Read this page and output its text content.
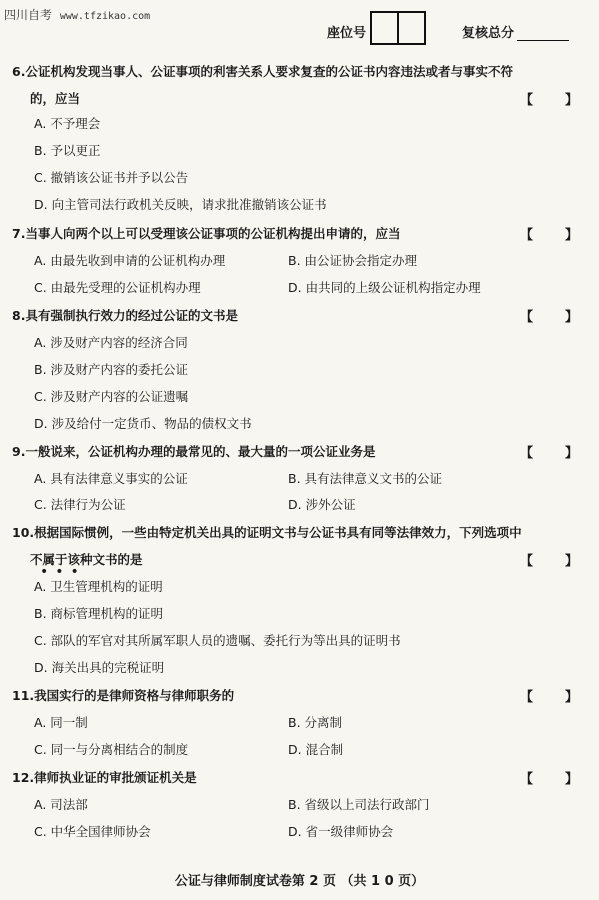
四川自考 www.tfzikao.com
座位号	复核总分
6.公证机构发现当事人、公证事项的利害关系人要求复查的公证书内容违法或者与事实不符
的，应当	【 】
A. 不予理会
B. 予以更正
C. 撤销该公证书并予以公告
D. 向主管司法行政机关反映，请求批准撤销该公证书
7.当事人向两个以上可以受理该公证事项的公证机构提出申请的，应当	【 】
A. 由最先收到申请的公证机构办理	B. 由公证协会指定办理
C. 由最先受理的公证机构办理	D. 由共同的上级公证机构指定办理
8.具有强制执行效力的经过公证的文书是	【 】
A. 涉及财产内容的经济合同
B. 涉及财产内容的委托公证
C. 涉及财产内容的公证遗嘱
D. 涉及给付一定货币、物品的债权文书
9.一般说来，公证机构办理的最常见的、最大量的一项公证业务是	【 】
A. 具有法律意义事实的公证	B. 具有法律意义文书的公证
C. 法律行为公证	D. 涉外公证
10.根据国际惯例，一些由特定机关出具的证明文书与公证书具有同等法律效力，下列选项中
不属于该种文书的是
•••
【 】
A. 卫生管理机构的证明
B. 商标管理机构的证明
C. 部队的军官对其所属军职人员的遗嘱、委托行为等出具的证明书
D. 海关出具的完税证明
11.我国实行的是律师资格与律师职务的	【 】
A. 同一制	B. 分离制
C. 同一与分离相结合的制度	D. 混合制
12.律师执业证的审批颁证机关是	【 】
A. 司法部	B. 省级以上司法行政部门
C. 中华全国律师协会	D. 省一级律师协会
公证与律师制度试卷第 2 页 （共 1 0 页）
